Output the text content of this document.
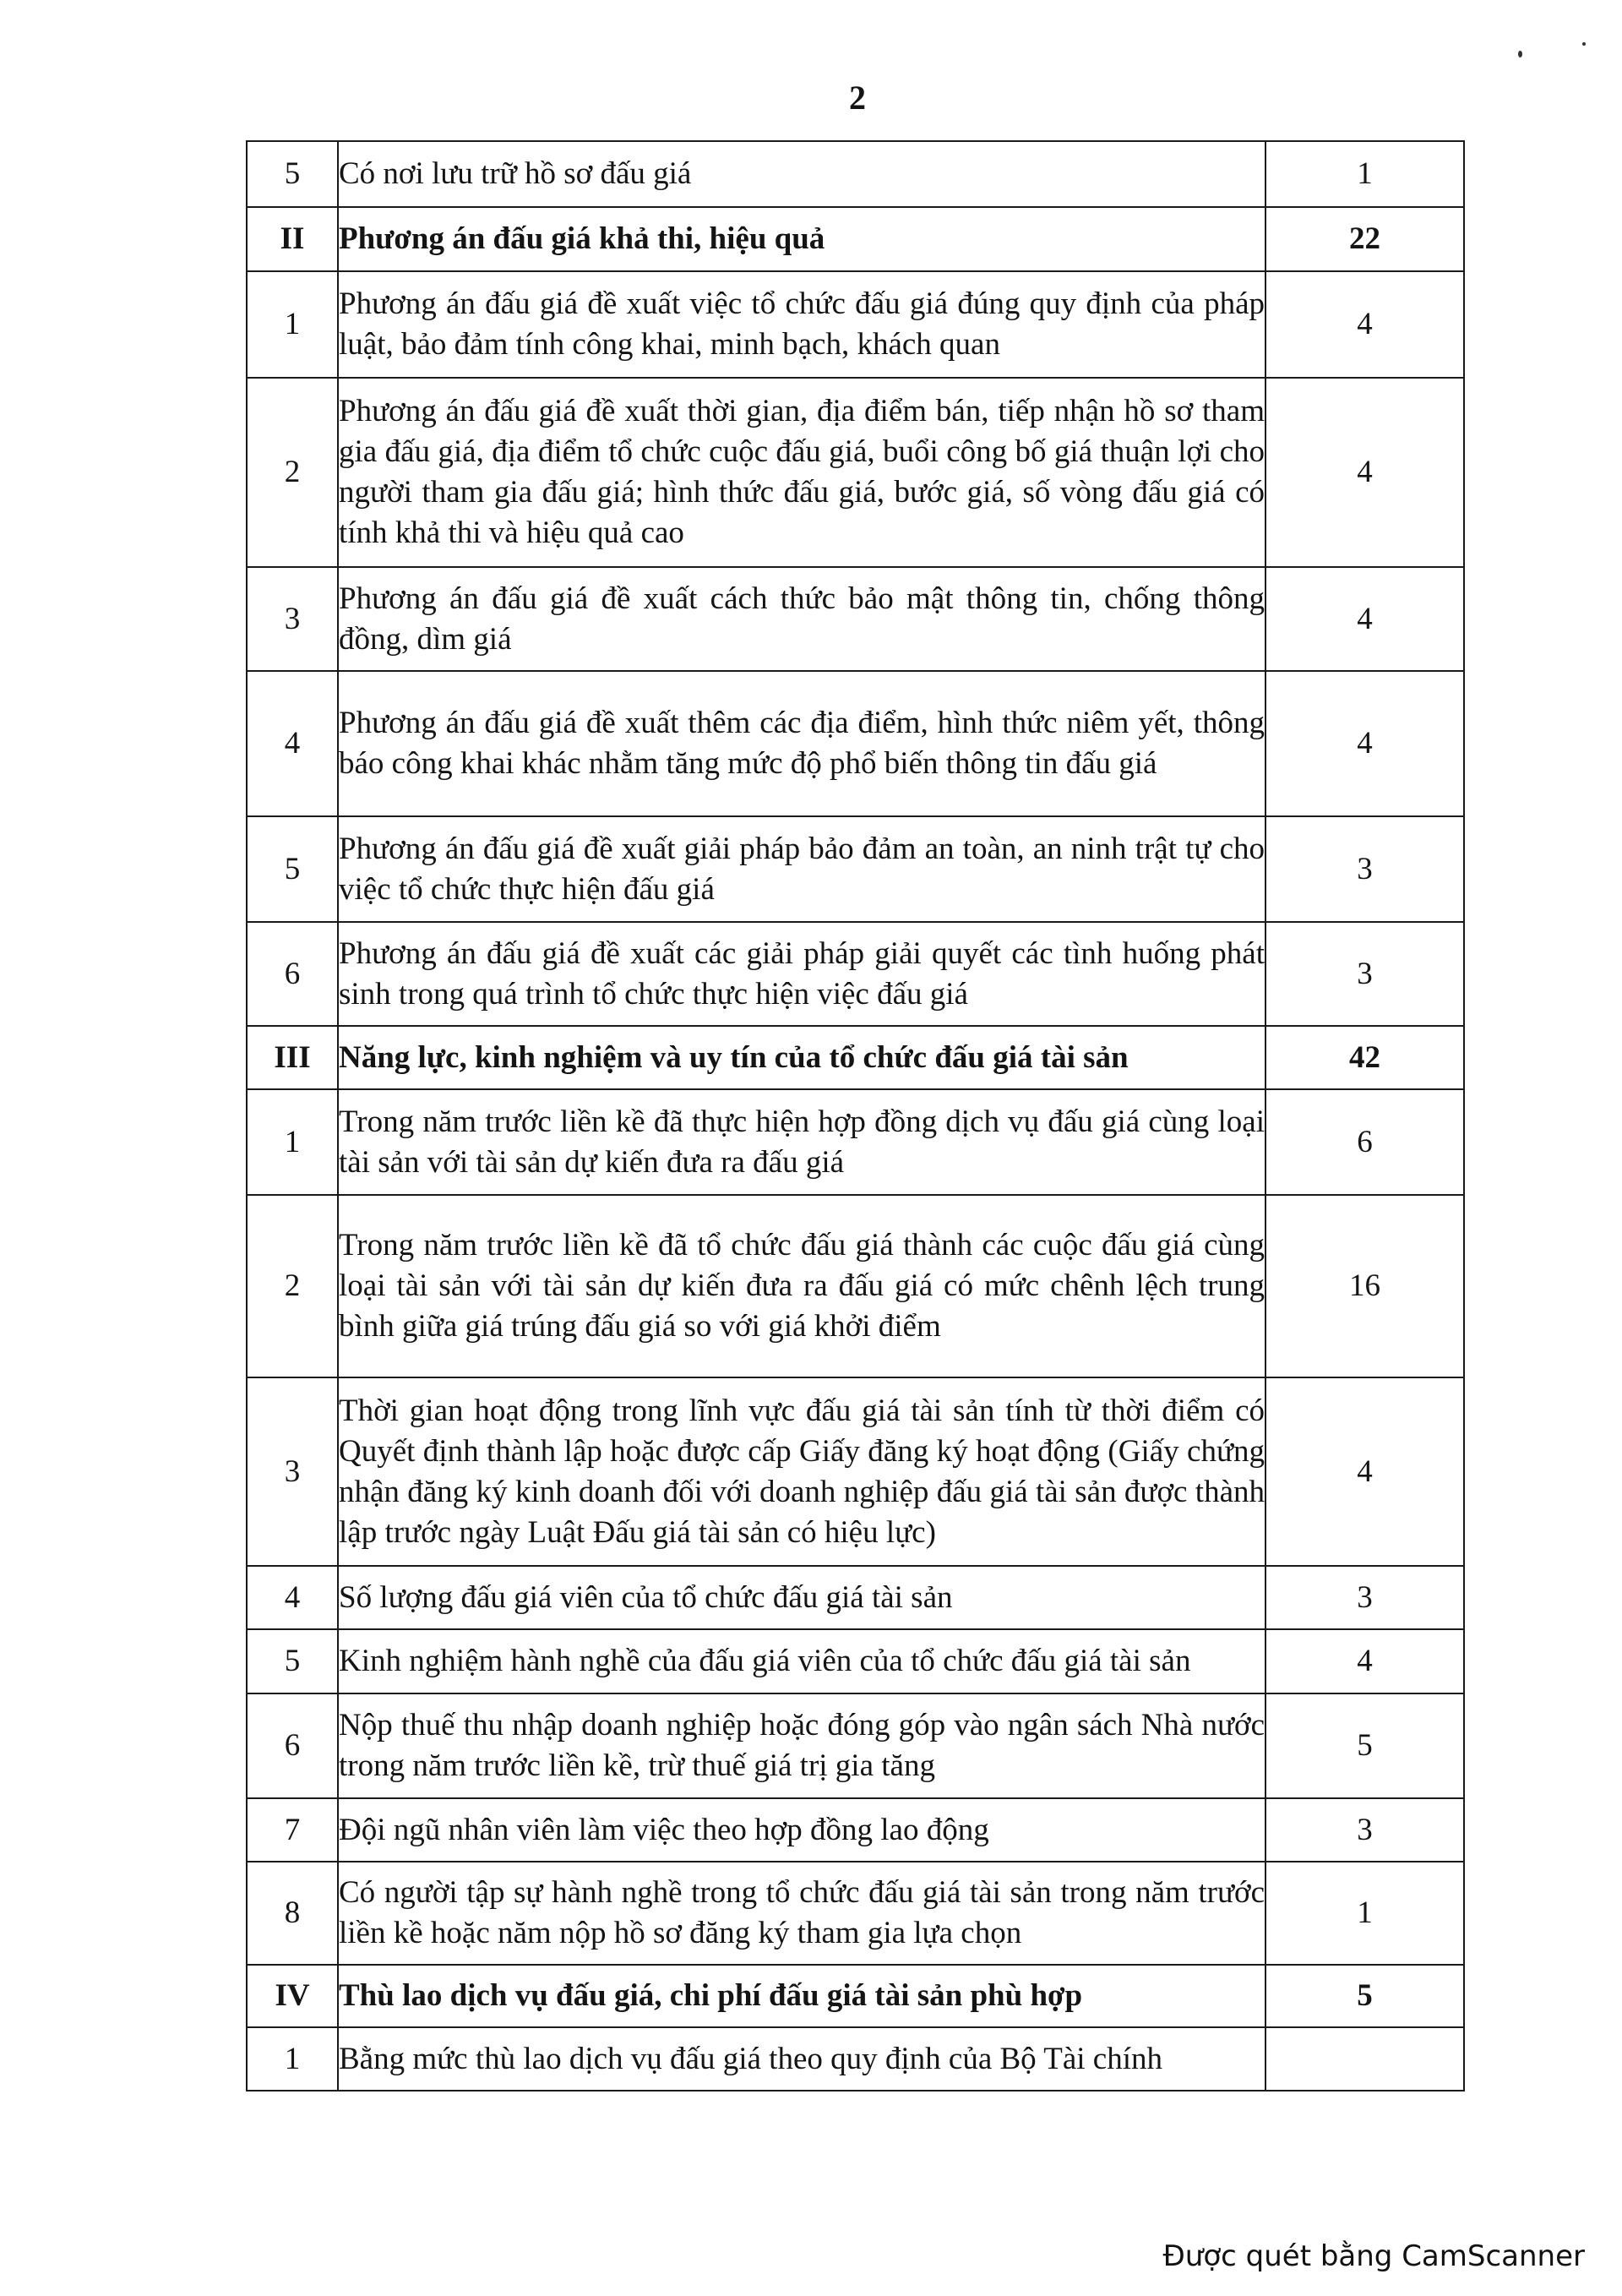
2
5	Có nơi lưu trữ hồ sơ đấu giá	1
II	Phương án đấu giá khả thi, hiệu quả	22
1	Phương án đấu giá đề xuất việc tổ chức đấu giá đúng quy định của pháp luật, bảo đảm tính công khai, minh bạch, khách quan	4
2	Phương án đấu giá đề xuất thời gian, địa điểm bán, tiếp nhận hồ sơ tham gia đấu giá, địa điểm tổ chức cuộc đấu giá, buổi công bố giá thuận lợi cho người tham gia đấu giá; hình thức đấu giá, bước giá, số vòng đấu giá có tính khả thi và hiệu quả cao	4
3	Phương án đấu giá đề xuất cách thức bảo mật thông tin, chống thông đồng, dìm giá	4
4	Phương án đấu giá đề xuất thêm các địa điểm, hình thức niêm yết, thông báo công khai khác nhằm tăng mức độ phổ biến thông tin đấu giá	4
5	Phương án đấu giá đề xuất giải pháp bảo đảm an toàn, an ninh trật tự cho việc tổ chức thực hiện đấu giá	3
6	Phương án đấu giá đề xuất các giải pháp giải quyết các tình huống phát sinh trong quá trình tổ chức thực hiện việc đấu giá	3
III	Năng lực, kinh nghiệm và uy tín của tổ chức đấu giá tài sản	42
1	Trong năm trước liền kề đã thực hiện hợp đồng dịch vụ đấu giá cùng loại tài sản với tài sản dự kiến đưa ra đấu giá	6
2	Trong năm trước liền kề đã tổ chức đấu giá thành các cuộc đấu giá cùng loại tài sản với tài sản dự kiến đưa ra đấu giá có mức chênh lệch trung bình giữa giá trúng đấu giá so với giá khởi điểm	16
3	Thời gian hoạt động trong lĩnh vực đấu giá tài sản tính từ thời điểm có Quyết định thành lập hoặc được cấp Giấy đăng ký hoạt động (Giấy chứng nhận đăng ký kinh doanh đối với doanh nghiệp đấu giá tài sản được thành lập trước ngày Luật Đấu giá tài sản có hiệu lực)	4
4	Số lượng đấu giá viên của tổ chức đấu giá tài sản	3
5	Kinh nghiệm hành nghề của đấu giá viên của tổ chức đấu giá tài sản	4
6	Nộp thuế thu nhập doanh nghiệp hoặc đóng góp vào ngân sách Nhà nước trong năm trước liền kề, trừ thuế giá trị gia tăng	5
7	Đội ngũ nhân viên làm việc theo hợp đồng lao động	3
8	Có người tập sự hành nghề trong tổ chức đấu giá tài sản trong năm trước liền kề hoặc năm nộp hồ sơ đăng ký tham gia lựa chọn	1
IV	Thù lao dịch vụ đấu giá, chi phí đấu giá tài sản phù hợp	5
1	Bằng mức thù lao dịch vụ đấu giá theo quy định của Bộ Tài chính	
Được quét bằng CamScanner
